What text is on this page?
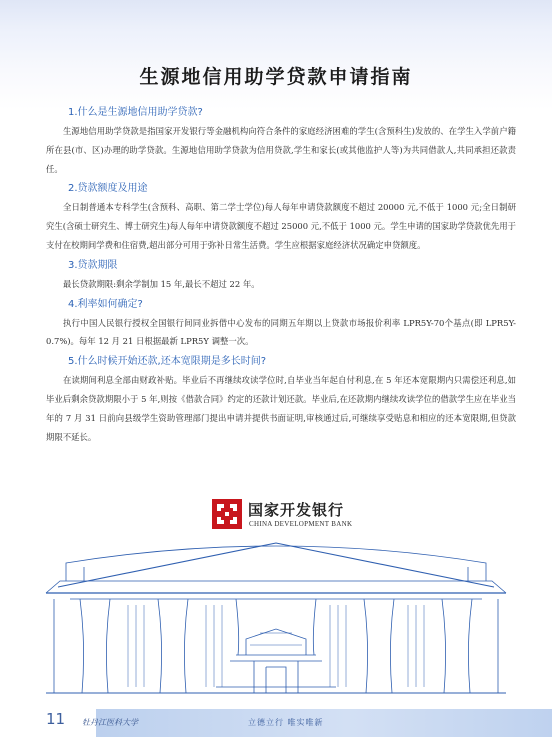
生源地信用助学贷款申请指南
1.什么是生源地信用助学贷款?

生源地信用助学贷款是指国家开发银行等金融机构向符合条件的家庭经济困难的学生(含预科生)发放的、在学生入学前户籍所在县(市、区)办理的助学贷款。生源地信用助学贷款为信用贷款,学生和家长(或其他监护人等)为共同借款人,共同承担还款责任。

2.贷款额度及用途

全日制普通本专科学生(含预科、高职、第二学士学位)每人每年申请贷款额度不超过 20000 元,不低于 1000 元;全日制研究生(含硕士研究生、博士研究生)每人每年申请贷款额度不超过 25000 元,不低于 1000 元。学生申请的国家助学贷款优先用于支付在校期间学费和住宿费,超出部分可用于弥补日常生活费。学生应根据家庭经济状况确定申贷额度。

3.贷款期限

最长贷款期限:剩余学制加 15 年,最长不超过 22 年。

4.利率如何确定?

执行中国人民银行授权全国银行间同业拆借中心发布的同期五年期以上贷款市场报价利率 LPR5Y-70个基点(即 LPR5Y-0.7%)。每年 12 月 21 日根据最新 LPR5Y 调整一次。

5.什么时候开始还款,还本宽限期是多长时间?

在读期间利息全部由财政补贴。毕业后不再继续攻读学位时,自毕业当年起自付利息,在 5 年还本宽限期内只需偿还利息,如毕业后剩余贷款期限小于 5 年,则按《借款合同》约定的还款计划还款。毕业后,在还款期内继续攻读学位的借款学生应在毕业当年的 7 月 31 日前向县级学生资助管理部门提出申请并提供书面证明,审核通过后,可继续享受贴息和相应的还本宽限期,但贷款期限不延长。

国家开发银行
CHINA DEVELOPMENT BANK
11 牡丹江医科大学	立德立行 唯实唯新
